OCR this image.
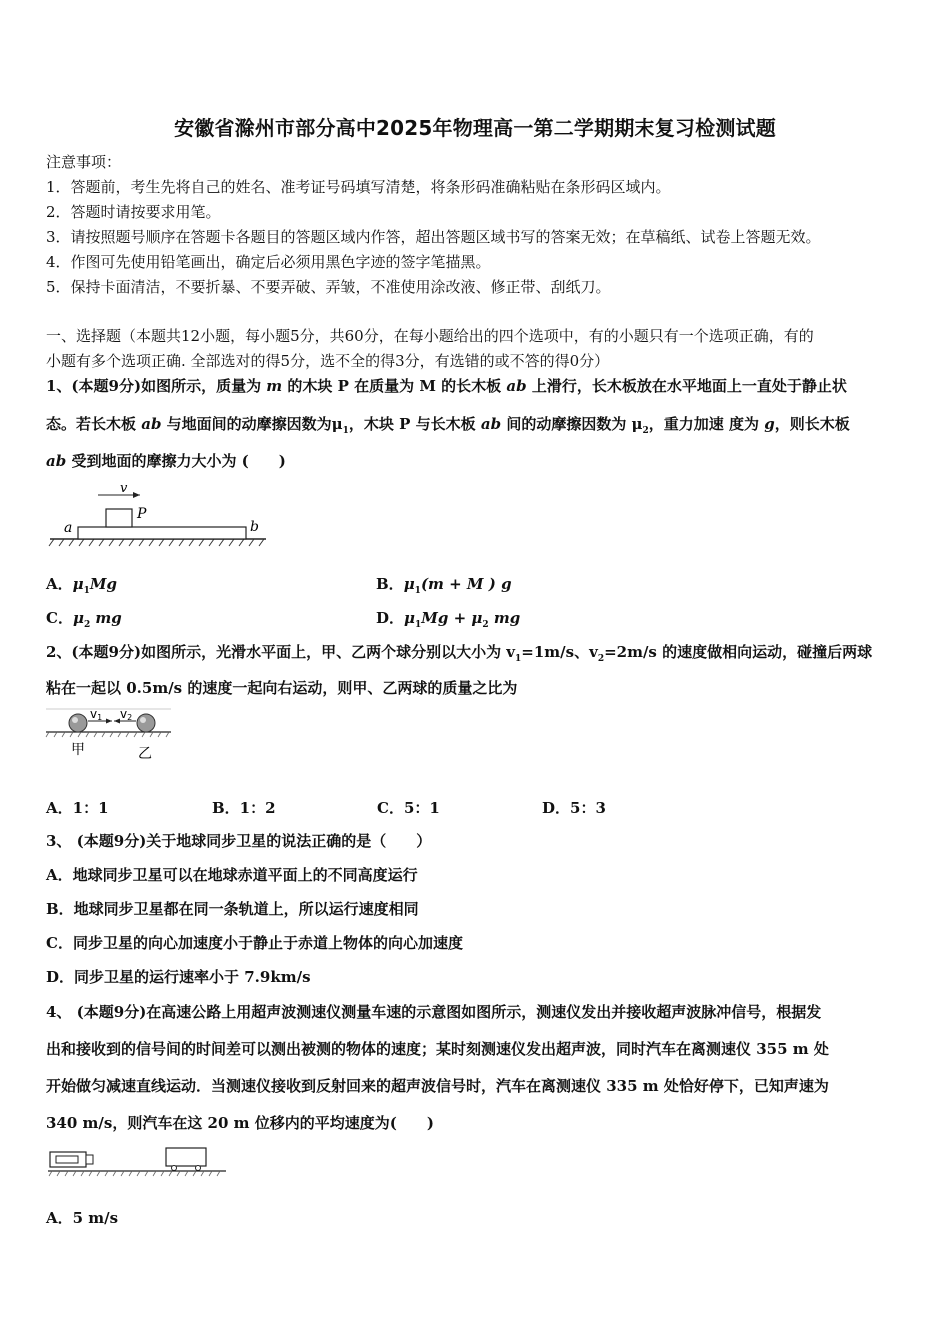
安徽省滁州市部分高中2025年物理高一第二学期期末复习检测试题
注意事项：
1．答题前，考生先将自己的姓名、准考证号码填写清楚，将条形码准确粘贴在条形码区域内。
2．答题时请按要求用笔。
3．请按照题号顺序在答题卡各题目的答题区域内作答，超出答题区域书写的答案无效；在草稿纸、试卷上答题无效。
4．作图可先使用铅笔画出，确定后必须用黑色字迹的签字笔描黑。
5．保持卡面清洁，不要折暴、不要弄破、弄皱，不准使用涂改液、修正带、刮纸刀。
一、选择题（本题共12小题，每小题5分，共60分，在每小题给出的四个选项中，有的小题只有一个选项正确，有的
小题有多个选项正确. 全部选对的得5分，选不全的得3分，有选错的或不答的得0分）
1、(本题9分)如图所示，质量为 m 的木块 P 在质量为 M 的长木板 ab 上滑行，长木板放在水平地面上一直处于静止状
态。若长木板 ab 与地面间的动摩擦因数为$\mu_1$，木块 P 与长木板 ab 间的动摩擦因数为 $\mu_2$，重力加速 度为 g，则长木板
ab 受到地面的摩擦力大小为 (　　)
v
P
a	b
A．$\mu_1Mg$	B．$\mu_1(m + M$ ) g
C．$\mu_2$ mg	D．$\mu_1Mg + \mu_2$ mg
2、(本题9分)如图所示，光滑水平面上，甲、乙两个球分别以大小为 $v_1=1m/s$、$v_2=2m/s$ 的速度做相向运动，碰撞后两球
粘在一起以 0.5m/s 的速度一起向右运动，则甲、乙两球的质量之比为
v1 v2
甲	乙
A．1：1	B．1：2	C．5：1	D．5：3
3、 (本题9分)关于地球同步卫星的说法正确的是（　　）
A．地球同步卫星可以在地球赤道平面上的不同高度运行
B．地球同步卫星都在同一条轨道上，所以运行速度相同
C．同步卫星的向心加速度小于静止于赤道上物体的向心加速度
D．同步卫星的运行速率小于 7.9km/s
4、 (本题9分)在高速公路上用超声波测速仪测量车速的示意图如图所示，测速仪发出并接收超声波脉冲信号，根据发
出和接收到的信号间的时间差可以测出被测的物体的速度；某时刻测速仪发出超声波，同时汽车在离测速仪 355 m 处
开始做匀减速直线运动．当测速仪接收到反射回来的超声波信号时，汽车在离测速仪 335 m 处恰好停下，已知声速为
340 m/s，则汽车在这 20 m 位移内的平均速度为(　　)
A．5 m/s
